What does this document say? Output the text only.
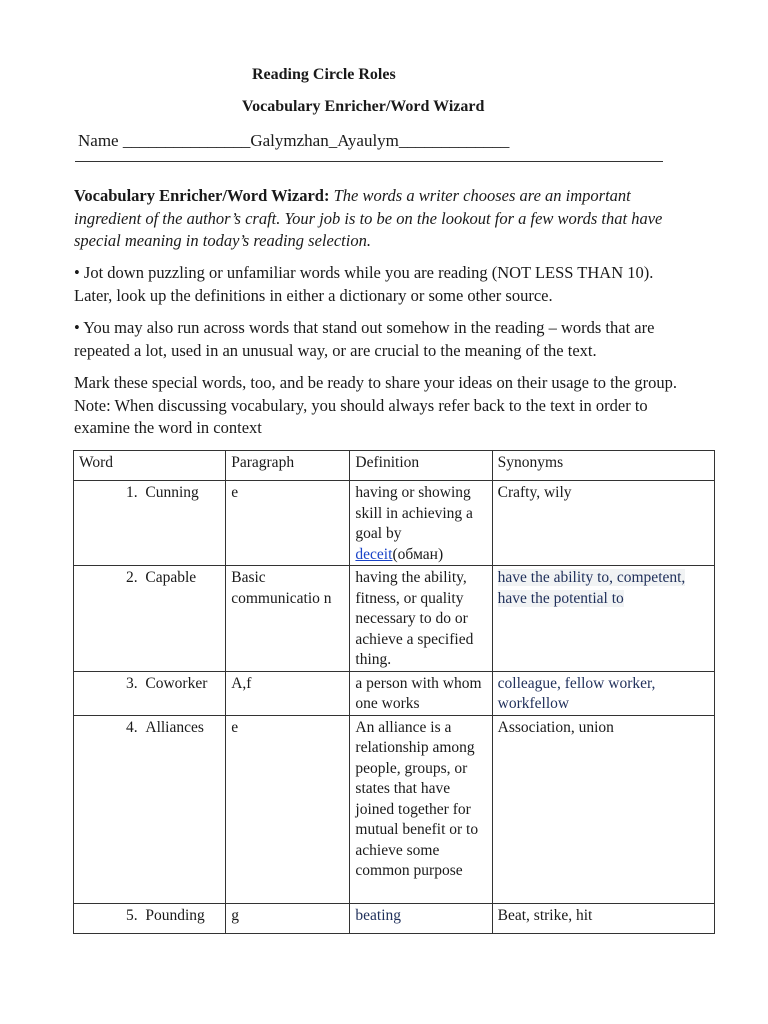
Reading Circle Roles
Vocabulary Enricher/Word Wizard
Name _______________Galymzhan_Ayaulym_____________
Vocabulary Enricher/Word Wizard: The words a writer chooses are an important ingredient of the author’s craft. Your job is to be on the lookout for a few words that have special meaning in today’s reading selection.
• Jot down puzzling or unfamiliar words while you are reading (NOT LESS THAN 10). Later, look up the definitions in either a dictionary or some other source.
• You may also run across words that stand out somehow in the reading – words that are repeated a lot, used in an unusual way, or are crucial to the meaning of the text.
Mark these special words, too, and be ready to share your ideas on their usage to the group. Note: When discussing vocabulary, you should always refer back to the text in order to examine the word in context
Word	Paragraph	Definition	Synonyms
1. Cunning	e	having or showing skill in achieving a goal by deceit(обман)	Crafty, wily
2. Capable	Basic communicatio n	having the ability, fitness, or quality necessary to do or achieve a specified thing.	have the ability to, competent, have the potential to
3. Coworker	A,f	a person with whom one works	colleague, fellow worker, workfellow
4. Alliances	e	An alliance is a relationship among people, groups, or states that have joined together for mutual benefit or to achieve some common purpose	Association, union
5. Pounding	g	beating	Beat, strike, hit
